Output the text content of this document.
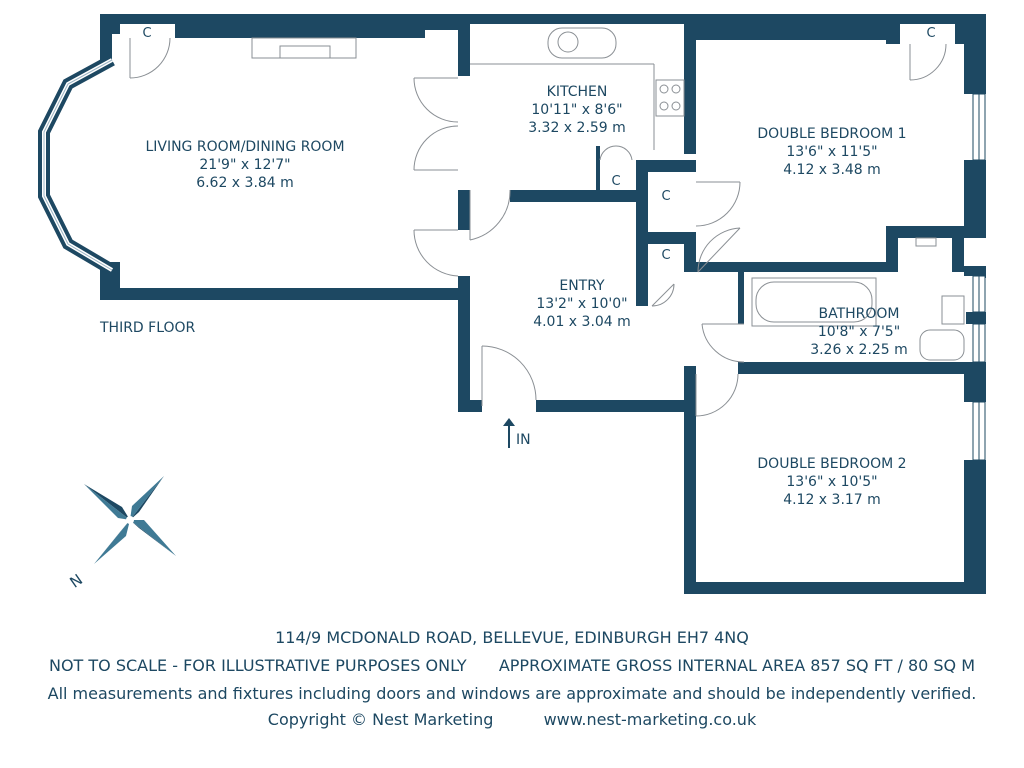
C
C
C
C
C
LIVING ROOM/DINING ROOM
21'9" x 12'7"
6.62 x 3.84 m
KITCHEN
10'11" x 8'6"
3.32 x 2.59 m	DOUBLE BEDROOM 1
13'6" x 11'5"
4.12 x 3.48 m
ENTRY
13'2" x 10'0"
4.01 x 3.04 m	BATHROOM
10'8" x 7'5"
3.26 x 2.25 m
DOUBLE BEDROOM 2
13'6" x 10'5"
4.12 x 3.17 m
THIRD FLOOR
IN
N
114/9 MCDONALD ROAD, BELLEVUE, EDINBURGH EH7 4NQ
NOT TO SCALE - FOR ILLUSTRATIVE PURPOSES ONLY APPROXIMATE GROSS INTERNAL AREA 857 SQ FT / 80 SQ M
All measurements and fixtures including doors and windows are approximate and should be independently verified.
Copyright © Nest Marketing	www.nest-marketing.co.uk
